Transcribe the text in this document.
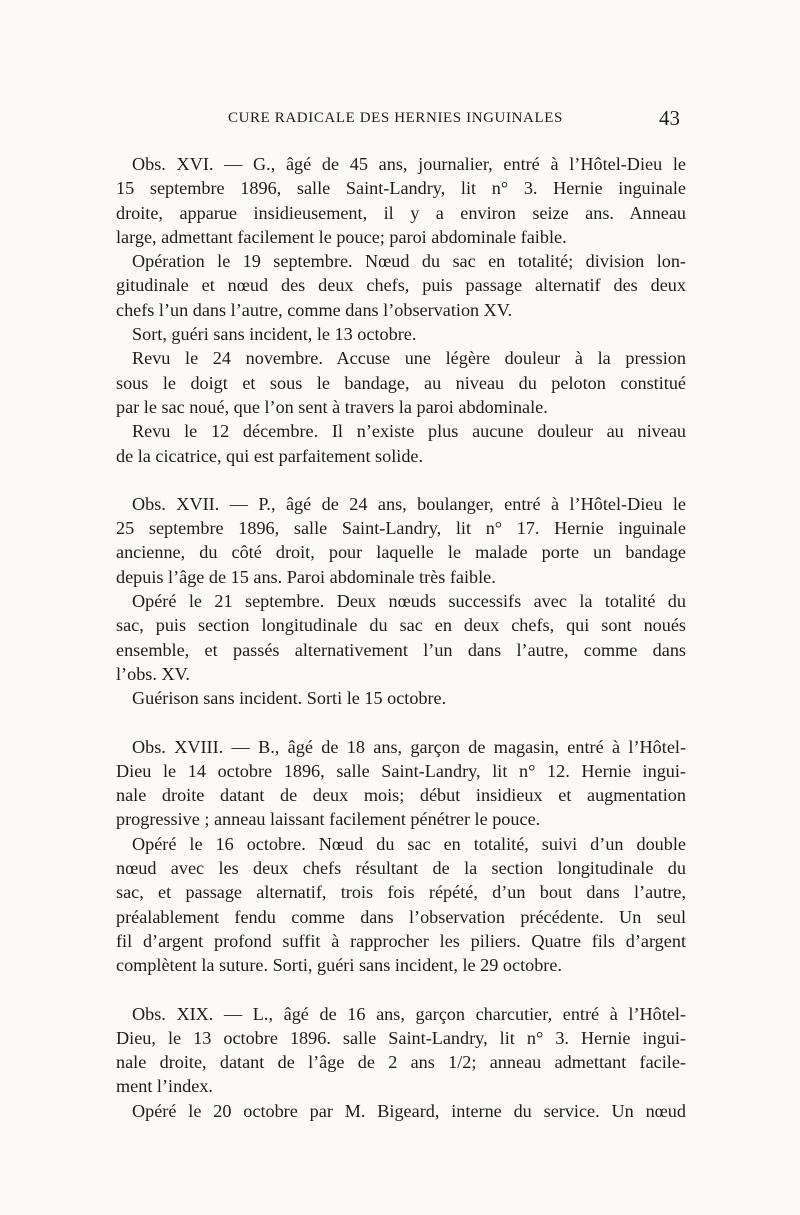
CURE RADICALE DES HERNIES INGUINALES	43
Obs. XVI. — G., âgé de 45 ans, journalier, entré à l’Hôtel-Dieu le
15 septembre 1896, salle Saint-Landry, lit n° 3. Hernie inguinale
droite, apparue insidieusement, il y a environ seize ans. Anneau
large, admettant facilement le pouce; paroi abdominale faible.
Opération le 19 septembre. Nœud du sac en totalité; division lon-
gitudinale et nœud des deux chefs, puis passage alternatif des deux
chefs l’un dans l’autre, comme dans l’observation XV.
Sort, guéri sans incident, le 13 octobre.
Revu le 24 novembre. Accuse une légère douleur à la pression
sous le doigt et sous le bandage, au niveau du peloton constitué
par le sac noué, que l’on sent à travers la paroi abdominale.
Revu le 12 décembre. Il n’existe plus aucune douleur au niveau
de la cicatrice, qui est parfaitement solide.
Obs. XVII. — P., âgé de 24 ans, boulanger, entré à l’Hôtel-Dieu le
25 septembre 1896, salle Saint-Landry, lit n° 17. Hernie inguinale
ancienne, du côté droit, pour laquelle le malade porte un bandage
depuis l’âge de 15 ans. Paroi abdominale très faible.
Opéré le 21 septembre. Deux nœuds successifs avec la totalité du
sac, puis section longitudinale du sac en deux chefs, qui sont noués
ensemble, et passés alternativement l’un dans l’autre, comme dans
l’obs. XV.
Guérison sans incident. Sorti le 15 octobre.
Obs. XVIII. — B., âgé de 18 ans, garçon de magasin, entré à l’Hôtel-
Dieu le 14 octobre 1896, salle Saint-Landry, lit n° 12. Hernie ingui-
nale droite datant de deux mois; début insidieux et augmentation
progressive ; anneau laissant facilement pénétrer le pouce.
Opéré le 16 octobre. Nœud du sac en totalité, suivi d’un double
nœud avec les deux chefs résultant de la section longitudinale du
sac, et passage alternatif, trois fois répété, d’un bout dans l’autre,
préalablement fendu comme dans l’observation précédente. Un seul
fil d’argent profond suffit à rapprocher les piliers. Quatre fils d’argent
complètent la suture. Sorti, guéri sans incident, le 29 octobre.
Obs. XIX. — L., âgé de 16 ans, garçon charcutier, entré à l’Hôtel-
Dieu, le 13 octobre 1896. salle Saint-Landry, lit n° 3. Hernie ingui-
nale droite, datant de l’âge de 2 ans 1/2; anneau admettant facile-
ment l’index.
Opéré le 20 octobre par M. Bigeard, interne du service. Un nœud
